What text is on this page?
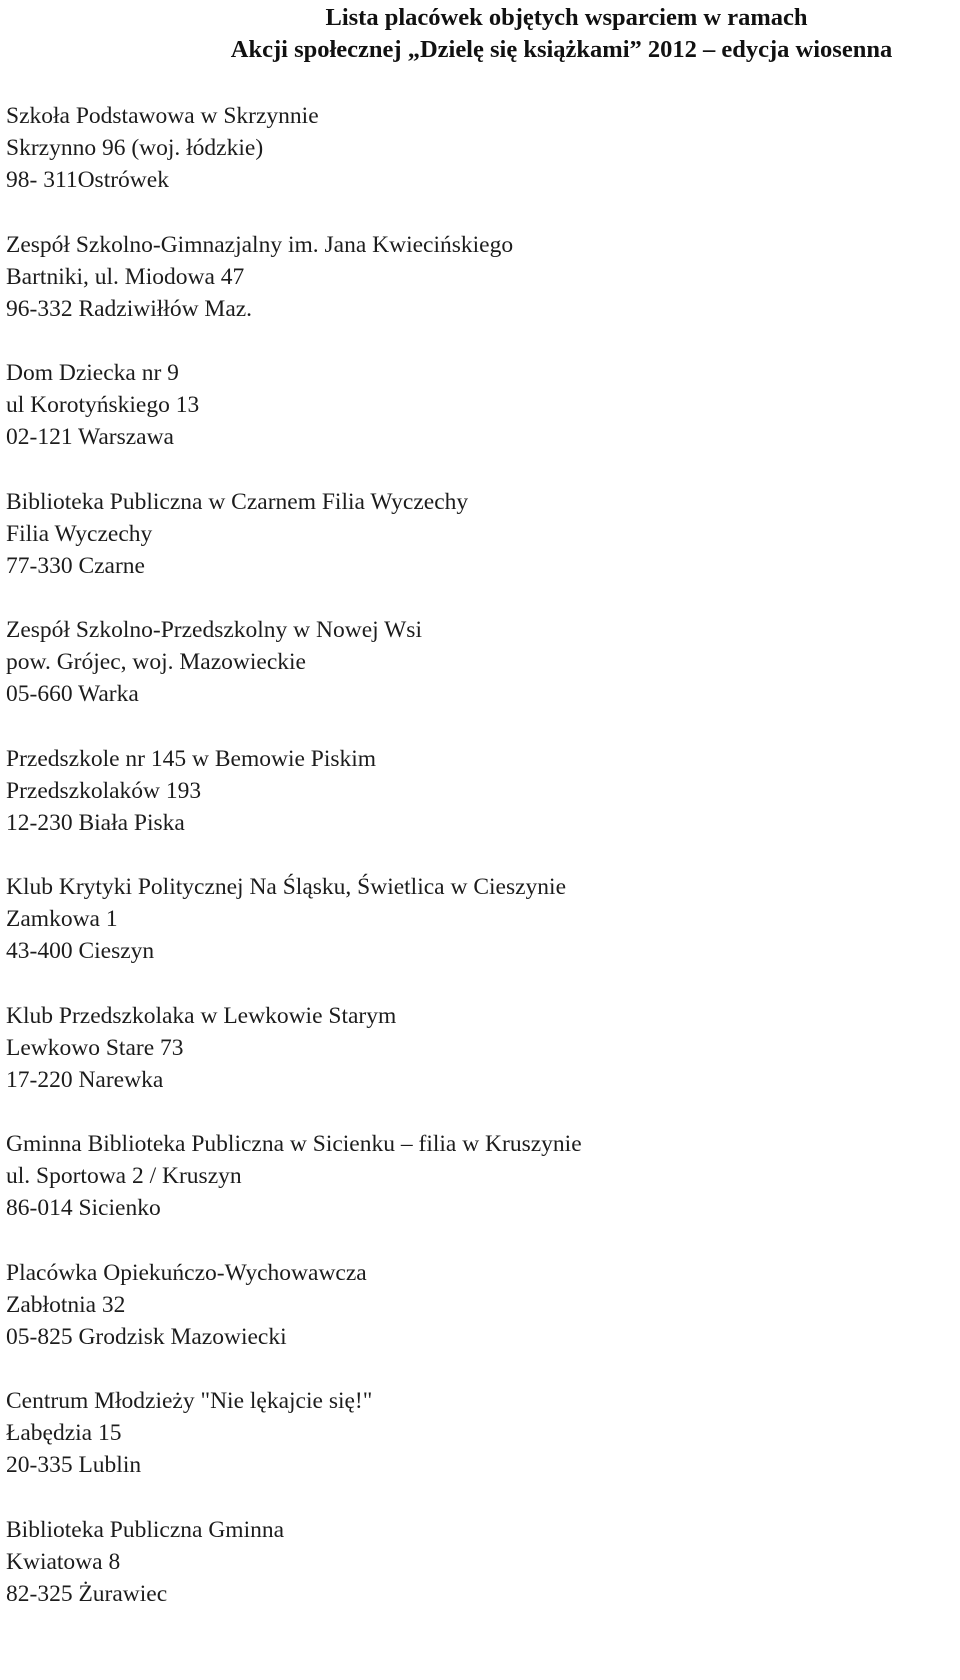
Lista placówek objętych wsparciem w ramach
Akcji społecznej „Dzielę się książkami” 2012 – edycja wiosenna
Szkoła Podstawowa w Skrzynnie
Skrzynno 96 (woj. łódzkie)
98- 311Ostrówek
Zespół Szkolno-Gimnazjalny im. Jana Kwiecińskiego
Bartniki, ul. Miodowa 47
96-332 Radziwiłłów Maz.
Dom Dziecka nr 9
ul Korotyńskiego 13
02-121 Warszawa
Biblioteka Publiczna w Czarnem Filia Wyczechy
Filia Wyczechy
77-330 Czarne
Zespół Szkolno-Przedszkolny w Nowej Wsi
pow. Grójec, woj. Mazowieckie
05-660 Warka
Przedszkole nr 145 w Bemowie Piskim
Przedszkolaków 193
12-230 Biała Piska
Klub Krytyki Politycznej Na Śląsku, Świetlica w Cieszynie
Zamkowa 1
43-400 Cieszyn
Klub Przedszkolaka w Lewkowie Starym
Lewkowo Stare 73
17-220 Narewka
Gminna Biblioteka Publiczna w Sicienku – filia w Kruszynie
ul. Sportowa 2 / Kruszyn
86-014 Sicienko
Placówka Opiekuńczo-Wychowawcza
Zabłotnia 32
05-825 Grodzisk Mazowiecki
Centrum Młodzieży "Nie lękajcie się!"
Łabędzia 15
20-335 Lublin
Biblioteka Publiczna Gminna
Kwiatowa 8
82-325 Żurawiec
